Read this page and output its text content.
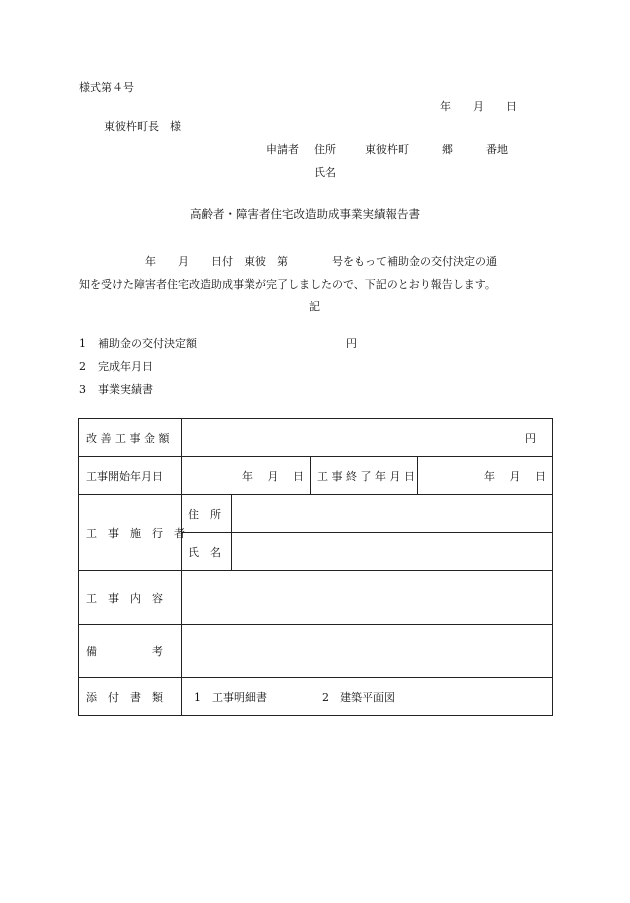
様式第４号
年　　月　　日
東彼杵町長　様
申請者 住所	東彼杵町　　　郷　　　番地
氏名
高齢者・障害者住宅改造助成事業実績報告書
年　　月　　日付　東彼　第　　　　号をもって補助金の交付決定の通
知を受けた障害者住宅改造助成事業が完了しましたので、下記のとおり報告します。
記
1 補助金の交付決定額	円
2 完成年月日
3 事業実績書
改 善 工 事 金 額	円			
工事開始年月日	年　 月　 日		工 事 終 了 年 月 日	年　 月　 日
工　事　施　行　者	住　所			
	氏　名			
工　事　内　容				
備　　　　　考				
添　付　書　類	1　工事明細書　　　　　2　建築平面図			
